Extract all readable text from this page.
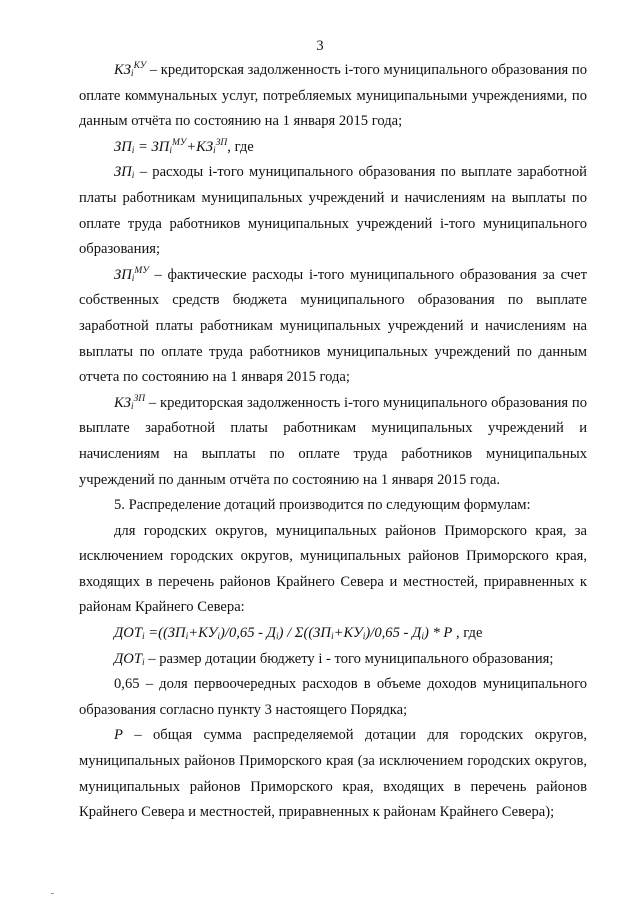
3

$КЗ_i^{КУ}$ – кредиторская задолженность i-того муниципального образования по оплате коммунальных услуг, потребляемых муниципальными учреждениями, по данным отчёта по состоянию на 1 января 2015 года;

$ЗП_i = ЗП_i^{МУ}+КЗ_i^{ЗП}$, где

$ЗП_i$ – расходы i-того муниципального образования по выплате заработной платы работникам муниципальных учреждений и начислениям на выплаты по оплате труда работников муниципальных учреждений i-того муниципального образования;

$ЗП_i^{МУ}$ – фактические расходы i-того муниципального образования за счет собственных средств бюджета муниципального образования по выплате заработной платы работникам муниципальных учреждений и начислениям на выплаты по оплате труда работников муниципальных учреждений по данным отчета по состоянию на 1 января 2015 года;

$КЗ_i^{ЗП}$ – кредиторская задолженность i-того муниципального образования по выплате заработной платы работникам муниципальных учреждений и начислениям на выплаты по оплате труда работников муниципальных учреждений по данным отчёта по состоянию на 1 января 2015 года.

5. Распределение дотаций производится по следующим формулам:

для городских округов, муниципальных районов Приморского края, за исключением городских округов, муниципальных районов Приморского края, входящих в перечень районов Крайнего Севера и местностей, приравненных к районам Крайнего Севера:

$ДОТ_i =((ЗП_i+КУ_i)/0,65 - Д_i) / \Sigma((ЗП_i+КУ_i)/0,65 - Д_i) * Р$ , где

$ДОТ_i$ – размер дотации бюджету i - того муниципального образования;

0,65 – доля первоочередных расходов в объеме доходов муниципального образования согласно пункту 3 настоящего Порядка;

Р – общая сумма распределяемой дотации для городских округов, муниципальных районов Приморского края (за исключением городских округов, муниципальных районов Приморского края, входящих в перечень районов Крайнего Севера и местностей, приравненных к районам Крайнего Севера);
